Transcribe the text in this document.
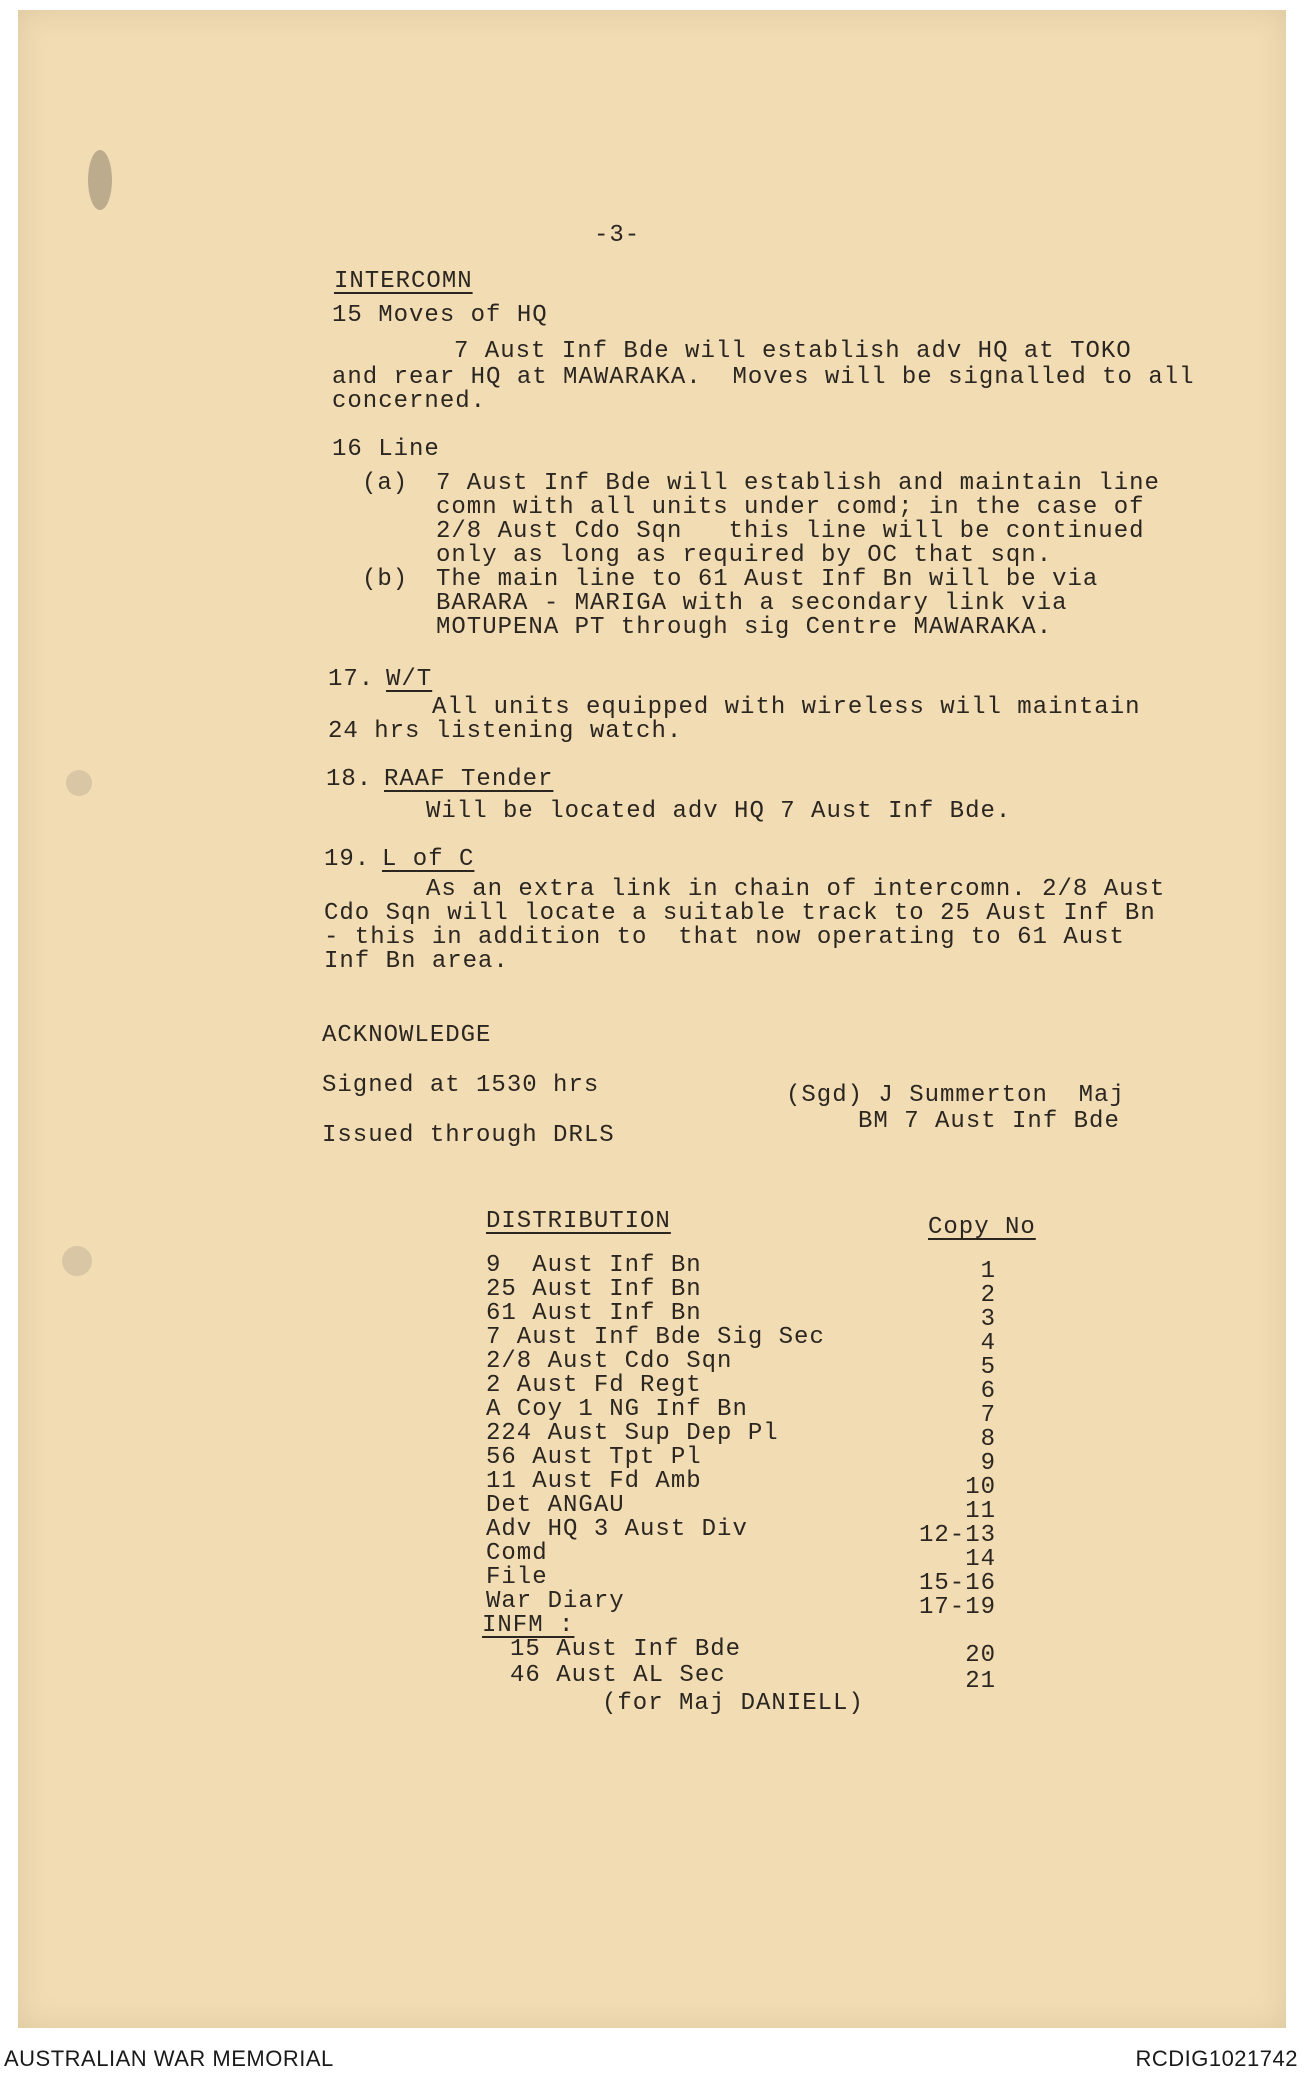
-3-
INTERCOMN
15 Moves of HQ
7 Aust Inf Bde will establish adv HQ at TOKO
and rear HQ at MAWARAKA.  Moves will be signalled to all
concerned.
16 Line
(a) 7 Aust Inf Bde will establish and maintain line
comn with all units under comd; in the case of
2/8 Aust Cdo Sqn   this line will be continued
only as long as required by OC that sqn.
(b) The main line to 61 Aust Inf Bn will be via
BARARA - MARIGA with a secondary link via
MOTUPENA PT through sig Centre MAWARAKA.
17. W/T
All units equipped with wireless will maintain
24 hrs listening watch.
18. RAAF Tender
Will be located adv HQ 7 Aust Inf Bde.
19. L of C
As an extra link in chain of intercomn. 2/8 Aust
Cdo Sqn will locate a suitable track to 25 Aust Inf Bn
- this in addition to  that now operating to 61 Aust
Inf Bn area.
ACKNOWLEDGE
Signed at 1530 hrs
Issued through DRLS
(Sgd) J Summerton  Maj
BM 7 Aust Inf Bde
DISTRIBUTION	Copy No
9  Aust Inf Bn	1
25 Aust Inf Bn	2
61 Aust Inf Bn	3
7 Aust Inf Bde Sig Sec	4
2/8 Aust Cdo Sqn	5
2 Aust Fd Regt	6
A Coy 1 NG Inf Bn	7
224 Aust Sup Dep Pl	8
56 Aust Tpt Pl	9
11 Aust Fd Amb	10
Det ANGAU	11
Adv HQ 3 Aust Div	12-13
Comd	14
File	15-16
War Diary	17-19
INFM :
15 Aust Inf Bde	20
46 Aust AL Sec	21
(for Maj DANIELL)
AUSTRALIAN WAR MEMORIAL	RCDIG1021742
